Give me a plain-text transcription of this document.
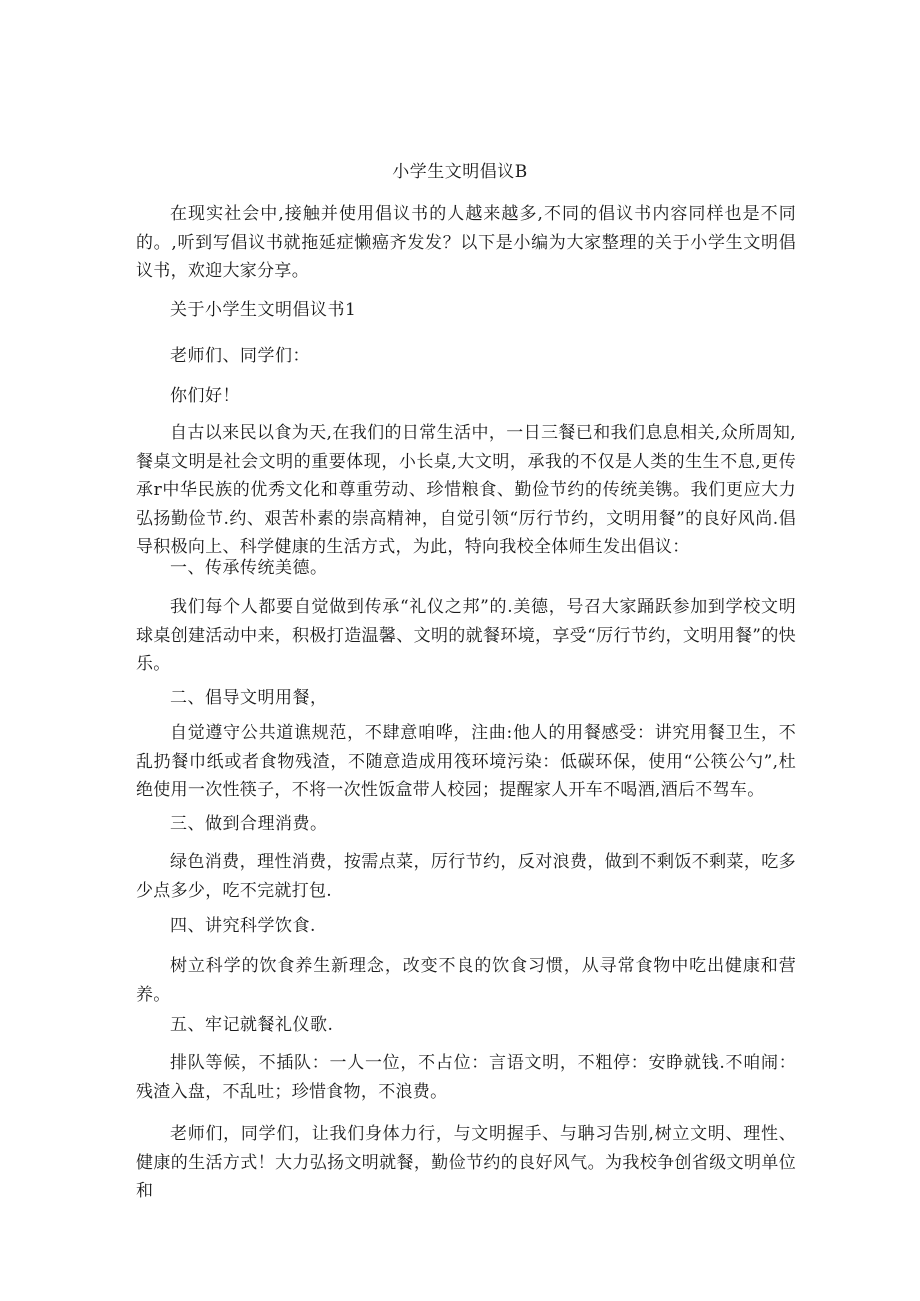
小学生文明倡议B

在现实社会中,接触并使用倡议书的人越来越多,不同的倡议书内容同样也是不同的。,听到写倡议书就拖延症懒癌齐发发？以下是小编为大家整理的关于小学生文明倡议书，欢迎大家分享。

关于小学生文明倡议书1
老师们、同学们：
你们好！

自古以来民以食为天,在我们的日常生活中，一日三餐已和我们息息相关,众所周知,餐桌文明是社会文明的重要体现，小长桌,大文明，承我的不仅是人类的生生不息,更传承r中华民族的优秀文化和尊重劳动、珍惜粮食、勤俭节约的传统美镌。我们更应大力弘扬勤俭节.约、艰苦朴素的崇高精神，自觉引领“厉行节约，文明用餐”的良好风尚.倡导积极向上、科学健康的生活方式，为此，特向我校全体师生发出倡议：

一、传承传统美德。

我们每个人都要自觉做到传承“礼仪之邦”的.美德，号召大家踊跃参加到学校文明球桌创建活动中来，积极打造温馨、文明的就餐环境，享受“厉行节约，文明用餐”的快乐。

二、倡导文明用餐，

自觉遵守公共道谯规范，不肆意咱哗，注曲:他人的用餐感受：讲究用餐卫生，不乱扔餐巾纸或者食物残渣，不随意造成用筏环境污染：低碳环保，使用“公筷公勺”,杜绝使用一次性筷子，不将一次性饭盒带人校园；提醒家人开车不喝酒,酒后不驾车。

三、做到合理消费。

绿色消费，理性消费，按需点菜，厉行节约，反对浪费，做到不剩饭不剩菜，吃多少点多少，吃不完就打包.

四、讲究科学饮食.

树立科学的饮食养生新理念，改变不良的饮食习惯，从寻常食物中吃出健康和营养。

五、牢记就餐礼仪歌.

排队等候，不插队：一人一位，不占位：言语文明，不粗停：安睁就钱.不咱闹：残渣入盘，不乱吐；珍惜食物，不浪费。

老师们，同学们，让我们身体力行，与文明握手、与聃习告别,树立文明、理性、健康的生活方式！大力弘扬文明就餐，勤俭节约的良好风气。为我校争创省级文明单位和
